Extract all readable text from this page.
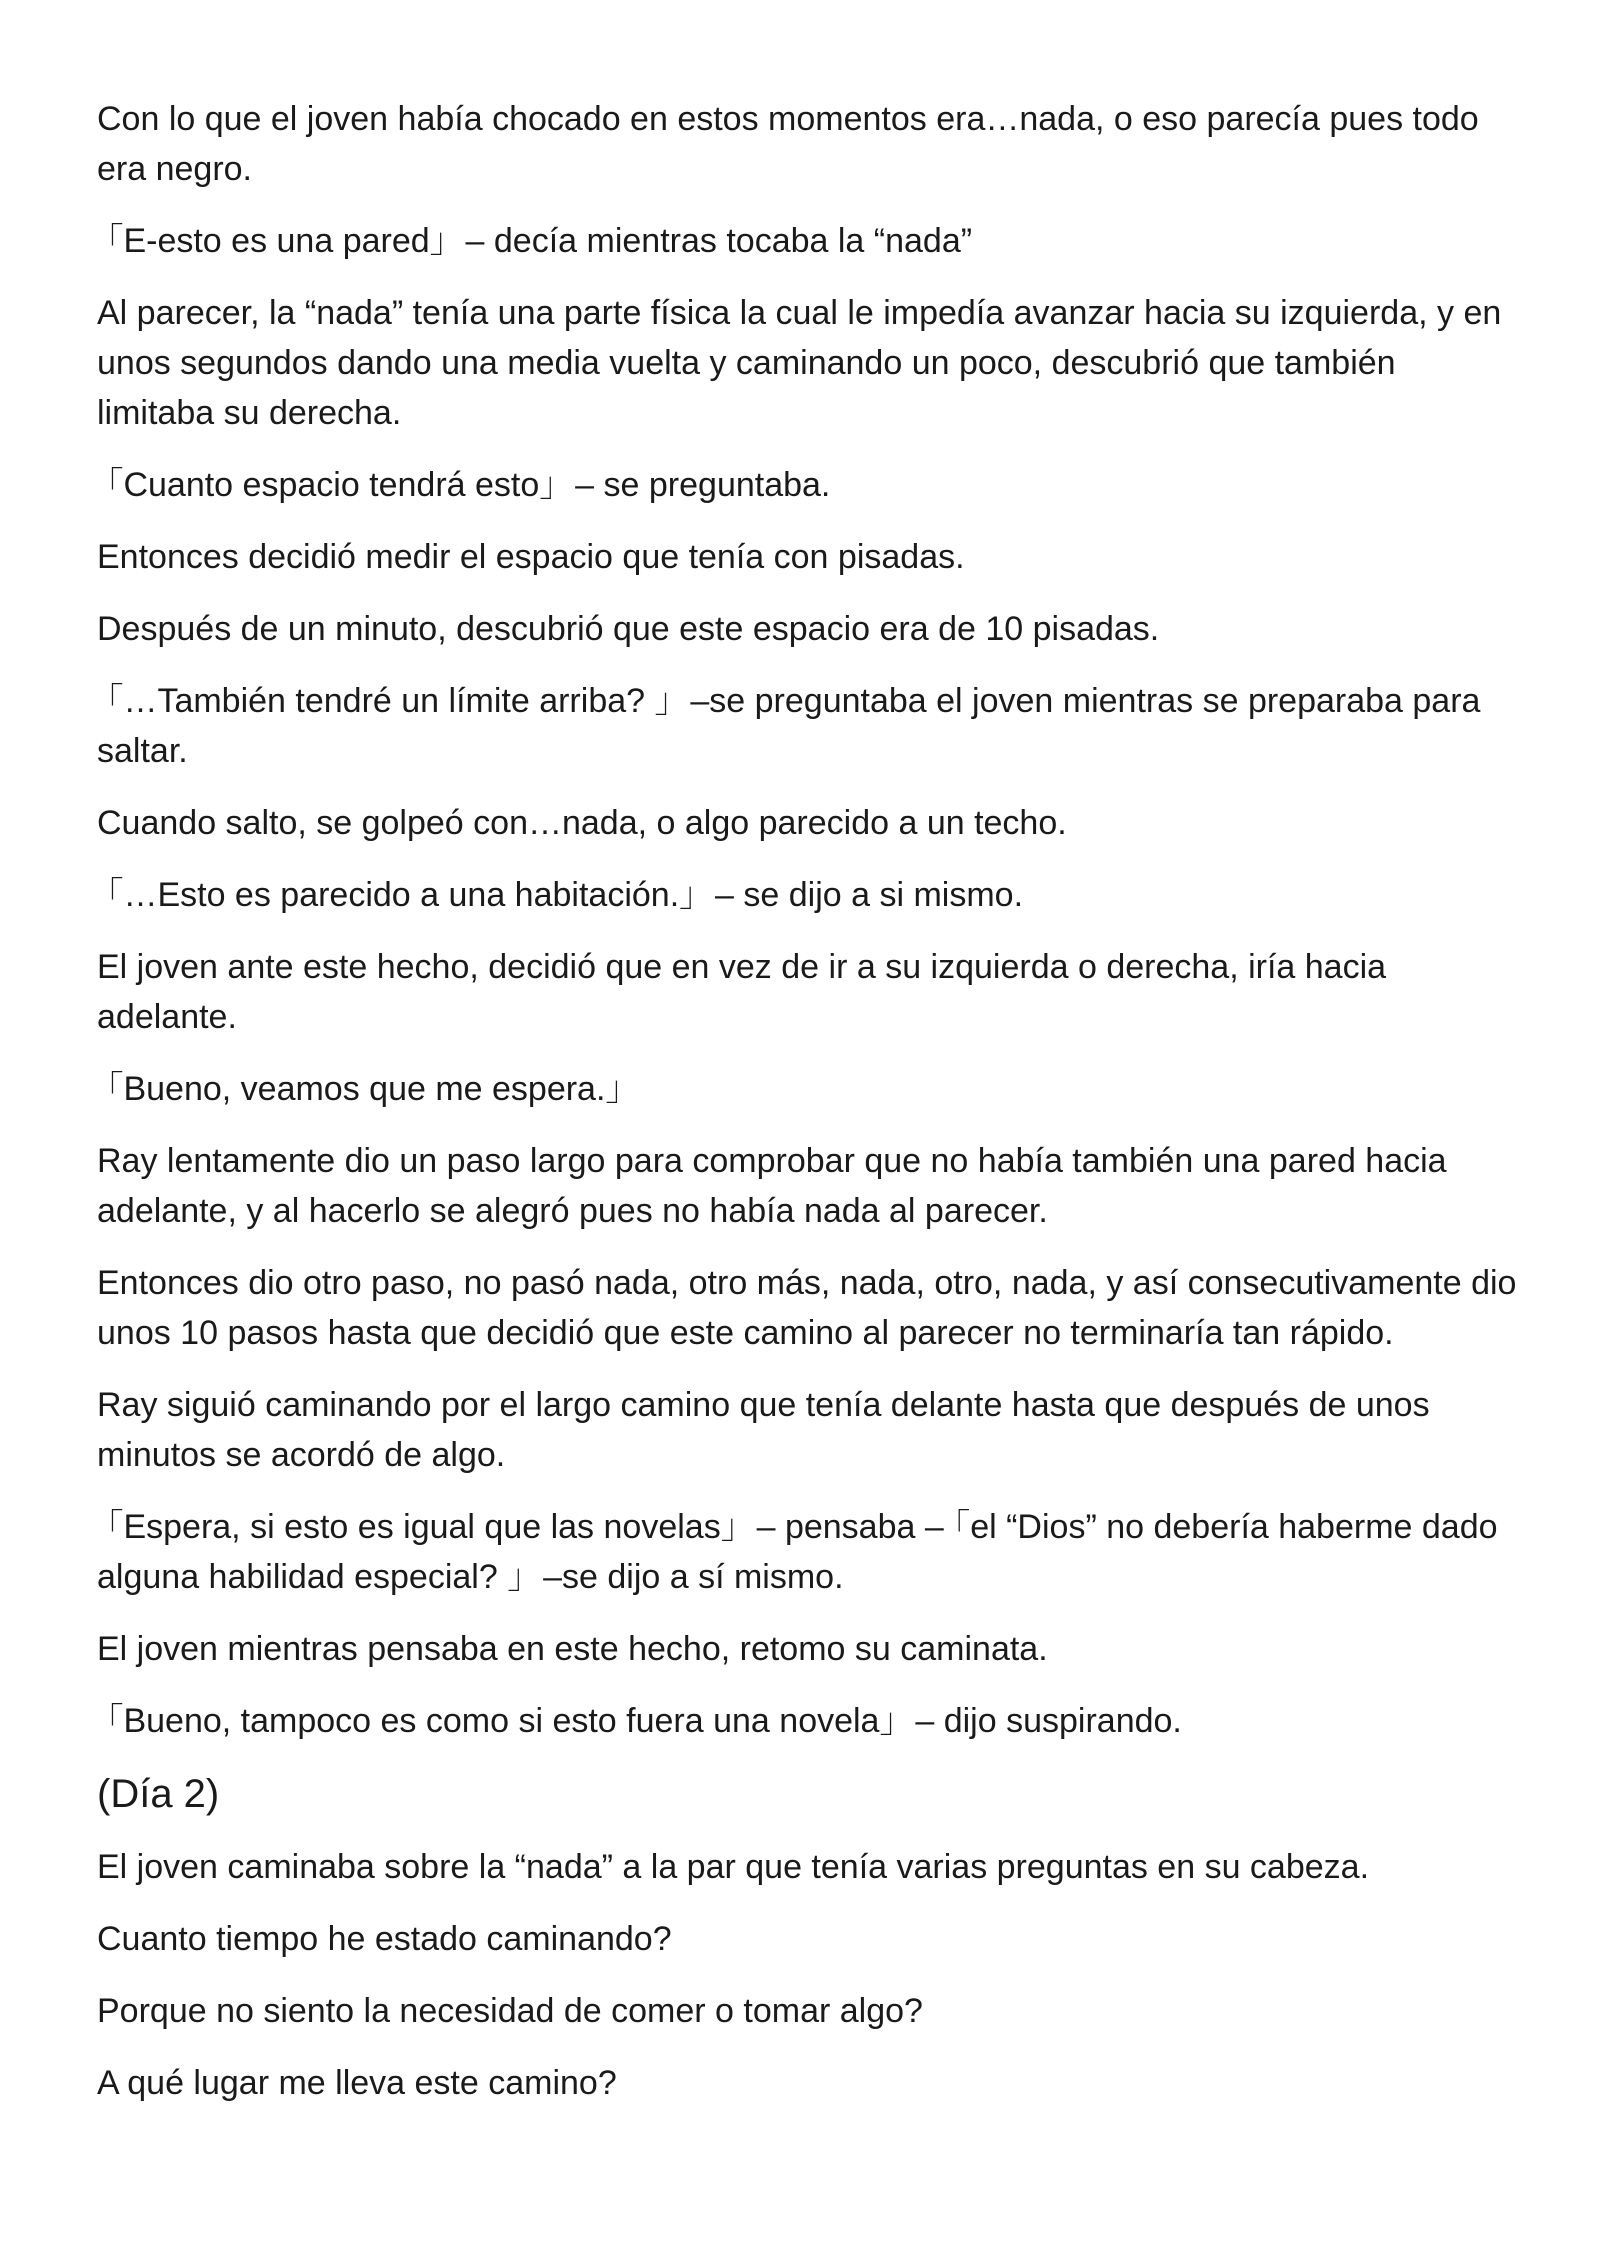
Con lo que el joven había chocado en estos momentos era…nada, o eso parecía pues todo era negro.

｢E-esto es una pared｣  – decía mientras tocaba la “nada”

Al parecer, la “nada” tenía una parte física la cual le impedía avanzar hacia su izquierda, y en unos segundos dando una media vuelta y caminando un poco, descubrió que también limitaba su derecha.

｢Cuanto espacio tendrá esto｣  – se preguntaba.

Entonces decidió medir el espacio que tenía con pisadas.

Después de un minuto, descubrió que este espacio era de 10 pisadas.

｢…También tendré un límite arriba? ｣  –se preguntaba el joven mientras se preparaba para saltar.

Cuando salto, se golpeó con…nada, o algo parecido a un techo.

｢…Esto es parecido a una habitación.｣  – se dijo a si mismo.

El joven ante este hecho, decidió que en vez de ir a su izquierda o derecha, iría hacia adelante.

｢Bueno, veamos que me espera.｣

Ray lentamente dio un paso largo para comprobar que no había también una pared hacia adelante, y al hacerlo se alegró pues no había nada al parecer.

Entonces dio otro paso, no pasó nada, otro más, nada, otro, nada, y así consecutivamente dio unos 10 pasos hasta que decidió que este camino al parecer no terminaría tan rápido.

Ray siguió caminando por el largo camino que tenía delante hasta que después de unos minutos se acordó de algo.

｢Espera, si esto es igual que las novelas｣  – pensaba – ｢el “Dios” no debería haberme dado alguna habilidad especial? ｣  –se dijo a sí mismo.

El joven mientras pensaba en este hecho, retomo su caminata.

｢Bueno, tampoco es como si esto fuera una novela｣  – dijo suspirando.

(Día 2)

El joven caminaba sobre la “nada” a la par que tenía varias preguntas en su cabeza.

Cuanto tiempo he estado caminando?

Porque no siento la necesidad de comer o tomar algo?

A qué lugar me lleva este camino?
